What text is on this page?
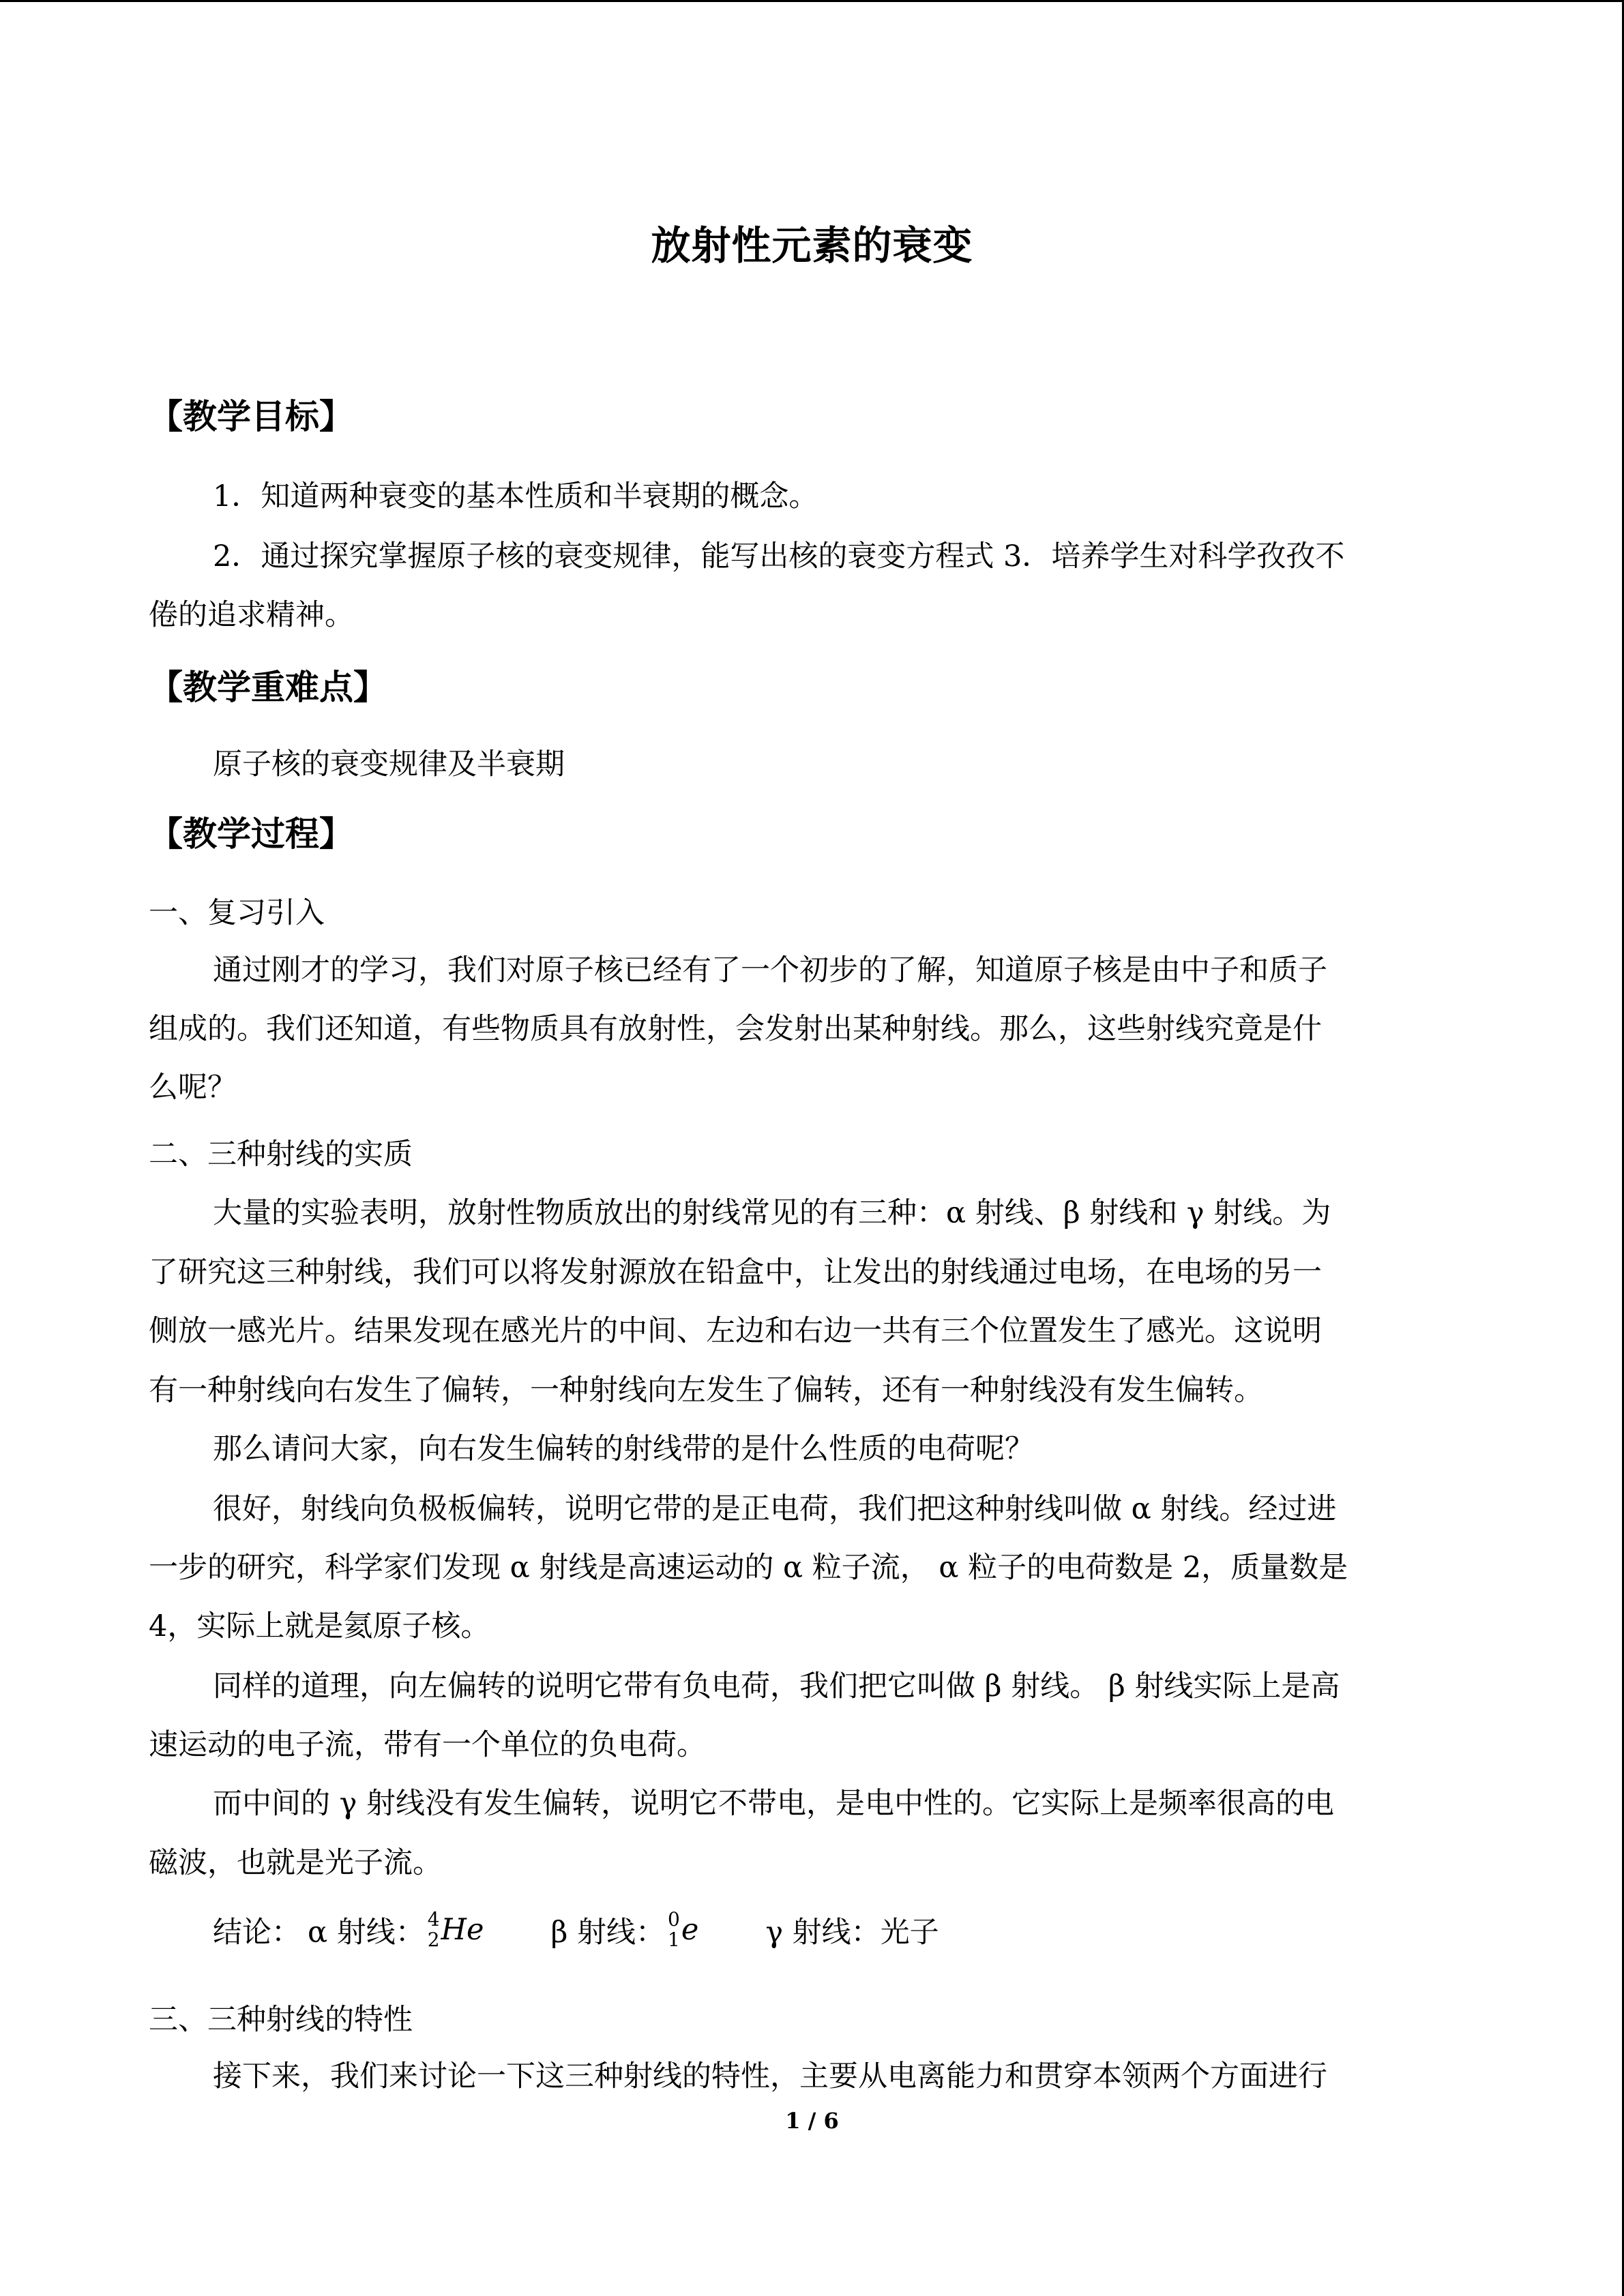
放射性元素的衰变
【教学目标】
1．知道两种衰变的基本性质和半衰期的概念。
2．通过探究掌握原子核的衰变规律，能写出核的衰变方程式 3．培养学生对科学孜孜不
倦的追求精神。
【教学重难点】
原子核的衰变规律及半衰期
【教学过程】
一、复习引入
通过刚才的学习，我们对原子核已经有了一个初步的了解，知道原子核是由中子和质子
组成的。我们还知道，有些物质具有放射性，会发射出某种射线。那么，这些射线究竟是什
么呢？
二、三种射线的实质
大量的实验表明，放射性物质放出的射线常见的有三种：α 射线、β 射线和 γ 射线。为
了研究这三种射线，我们可以将发射源放在铅盒中，让发出的射线通过电场，在电场的另一
侧放一感光片。结果发现在感光片的中间、左边和右边一共有三个位置发生了感光。这说明
有一种射线向右发生了偏转，一种射线向左发生了偏转，还有一种射线没有发生偏转。
那么请问大家，向右发生偏转的射线带的是什么性质的电荷呢？
很好，射线向负极板偏转，说明它带的是正电荷，我们把这种射线叫做 α 射线。经过进
一步的研究，科学家们发现 α 射线是高速运动的 α 粒子流， α 粒子的电荷数是 2，质量数是
4，实际上就是氦原子核。
同样的道理，向左偏转的说明它带有负电荷，我们把它叫做 β 射线。 β 射线实际上是高
速运动的电子流，带有一个单位的负电荷。
而中间的 γ 射线没有发生偏转，说明它不带电，是电中性的。它实际上是频率很高的电
磁波，也就是光子流。
结论： α 射线： 4
2 He β 射线： 0
1 e γ 射线： 光子
三、三种射线的特性
接下来，我们来讨论一下这三种射线的特性，主要从电离能力和贯穿本领两个方面进行
1 / 6
